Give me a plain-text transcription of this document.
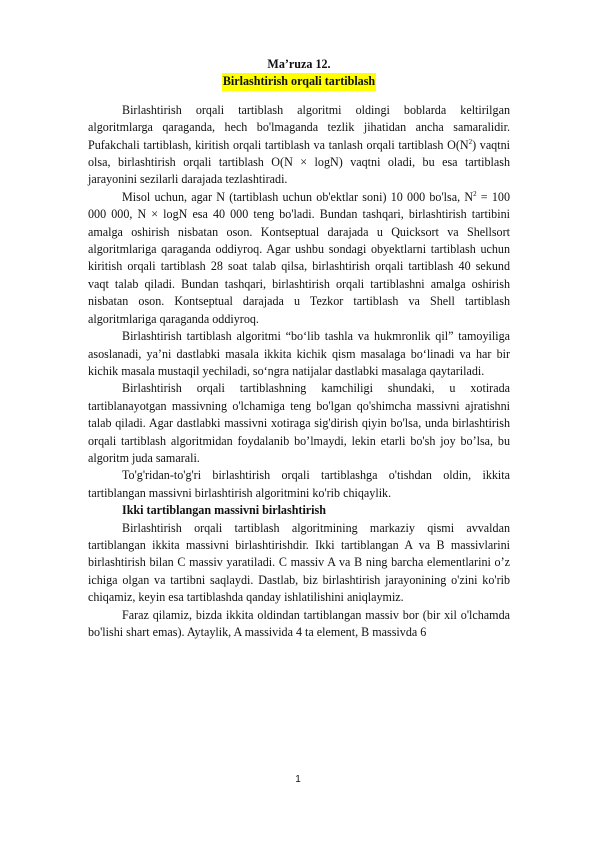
Ma’ruza 12.
Birlashtirish orqali tartiblash

Birlashtirish orqali tartiblash algoritmi oldingi boblarda keltirilgan algoritmlarga qaraganda, hech bo'lmaganda tezlik jihatidan ancha samaralidir. Pufakchali tartiblash, kiritish orqali tartiblash va tanlash orqali tartiblash $O(N^2)$ vaqtni olsa, birlashtirish orqali tartiblash O(N × logN) vaqtni oladi, bu esa tartiblash jarayonini sezilarli darajada tezlashtiradi.

Misol uchun, agar N (tartiblash uchun ob'ektlar soni) 10 000 bo'lsa, $N^2 = 100$ 000 000, N × logN esa 40 000 teng bo'ladi. Bundan tashqari, birlashtirish tartibini amalga oshirish nisbatan oson. Kontseptual darajada u Quicksort va Shellsort algoritmlariga qaraganda oddiyroq. Agar ushbu sondagi obyektlarni tartiblash uchun kiritish orqali tartiblash 28 soat talab qilsa, birlashtirish orqali tartiblash 40 sekund vaqt talab qiladi. Bundan tashqari, birlashtirish orqali tartiblashni amalga oshirish nisbatan oson. Kontseptual darajada u Tezkor tartiblash va Shell tartiblash algoritmlariga qaraganda oddiyroq.

Birlashtirish tartiblash algoritmi “bo‘lib tashla va hukmronlik qil” tamoyiliga asoslanadi, ya’ni dastlabki masala ikkita kichik qism masalaga bo‘linadi va har bir kichik masala mustaqil yechiladi, so‘ngra natijalar dastlabki masalaga qaytariladi.

Birlashtirish orqali tartiblashning kamchiligi shundaki, u xotirada tartiblanayotgan massivning o'lchamiga teng bo'lgan qo'shimcha massivni ajratishni talab qiladi. Agar dastlabki massivni xotiraga sig'dirish qiyin bo'lsa, unda birlashtirish orqali tartiblash algoritmidan foydalanib bo’lmaydi, lekin etarli bo'sh joy bo’lsa, bu algoritm juda samarali.

To'g'ridan-to'g'ri birlashtirish orqali tartiblashga o'tishdan oldin, ikkita tartiblangan massivni birlashtirish algoritmini ko'rib chiqaylik.

Ikki tartiblangan massivni birlashtirish

Birlashtirish orqali tartiblash algoritmining markaziy qismi avvaldan tartiblangan ikkita massivni birlashtirishdir. Ikki tartiblangan A va B massivlarini birlashtirish bilan C massiv yaratiladi. C massiv A va B ning barcha elementlarini o’z ichiga olgan va tartibni saqlaydi. Dastlab, biz birlashtirish jarayonining o'zini ko'rib chiqamiz, keyin esa tartiblashda qanday ishlatilishini aniqlaymiz.

Faraz qilamiz, bizda ikkita oldindan tartiblangan massiv bor (bir xil o'lchamda bo'lishi shart emas). Aytaylik, A massivida 4 ta element, B massivda 6

1
